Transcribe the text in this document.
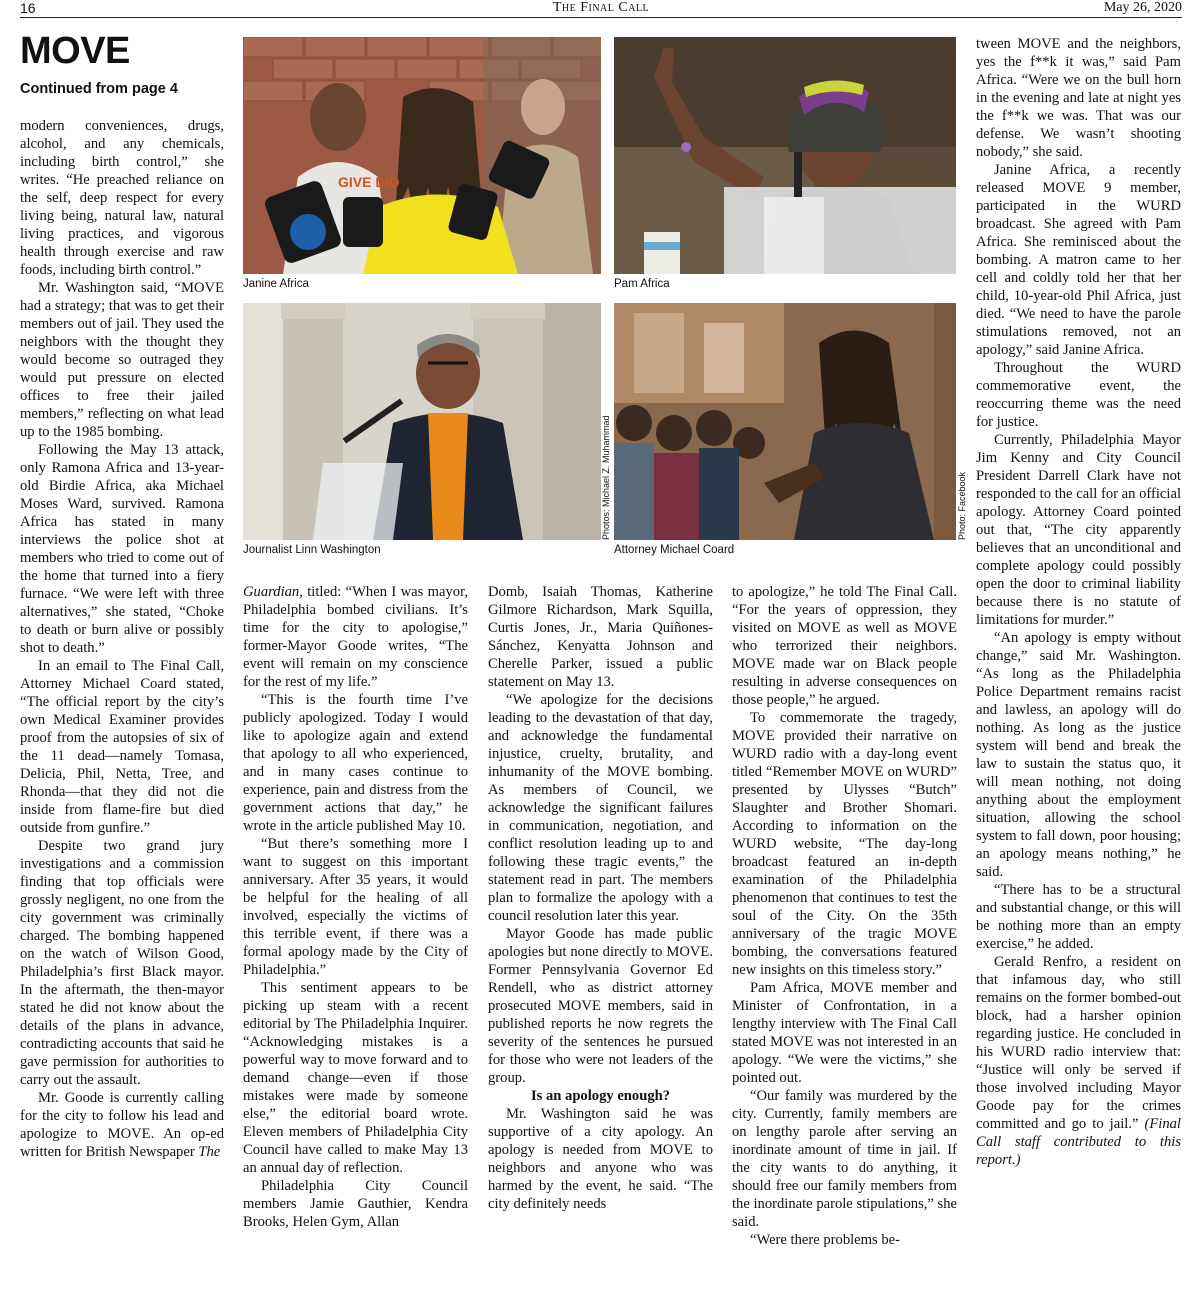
16	The Final Call	May 26, 2020
MOVE
Continued from page 4

modern conveniences, drugs, alcohol, and any chemicals, including birth control,” she writes. “He preached reliance on the self, deep respect for every living being, natural law, natural living practices, and vigorous health through exercise and raw foods, including birth control.”

Mr. Washington said, “MOVE had a strategy; that was to get their members out of jail. They used the neighbors with the thought they would become so outraged they would put pressure on elected offices to free their jailed members,” reflecting on what lead up to the 1985 bombing.

Following the May 13 attack, only Ramona Africa and 13-year-old Birdie Africa, aka Michael Moses Ward, survived. Ramona Africa has stated in many interviews the police shot at members who tried to come out of the home that turned into a fiery furnace. “We were left with three alternatives,” she stated, “Choke to death or burn alive or possibly shot to death.”

In an email to The Final Call, Attorney Michael Coard stated, “The official report by the city’s own Medical Examiner provides proof from the autopsies of six of the 11 dead—namely Tomasa, Delicia, Phil, Netta, Tree, and Rhonda—that they did not die inside from flame-fire but died outside from gunfire.”

Despite two grand jury investigations and a commission finding that top officials were grossly negligent, no one from the city government was criminally charged. The bombing happened on the watch of Wilson Good, Philadelphia’s first Black mayor. In the aftermath, the then-mayor stated he did not know about the details of the plans in advance, contradicting accounts that said he gave permission for authorities to carry out the assault.

Mr. Goode is currently calling for the city to follow his lead and apologize to MOVE. An op-ed written for British Newspaper The

GIVE DID
Janine Africa	Pam Africa
Journalist Linn Washington
Photos: Michael Z. Muhammad
Attorney Michael Coard
Photo: Facebook

Guardian, titled: “When I was mayor, Philadelphia bombed civilians. It’s time for the city to apologise,” former-Mayor Goode writes, “The event will remain on my conscience for the rest of my life.”

“This is the fourth time I’ve publicly apologized. Today I would like to apologize again and extend that apology to all who experienced, and in many cases continue to experience, pain and distress from the government actions that day,” he wrote in the article published May 10.

“But there’s something more I want to suggest on this important anniversary. After 35 years, it would be helpful for the healing of all involved, especially the victims of this terrible event, if there was a formal apology made by the City of Philadelphia.”

This sentiment appears to be picking up steam with a recent editorial by The Philadelphia Inquirer. “Acknowledging mistakes is a powerful way to move forward and to demand change—even if those mistakes were made by someone else,” the editorial board wrote. Eleven members of Philadelphia City Council have called to make May 13 an annual day of reflection.

Philadelphia City Council members Jamie Gauthier, Kendra Brooks, Helen Gym, Allan

Domb, Isaiah Thomas, Katherine Gilmore Richardson, Mark Squilla, Curtis Jones, Jr., Maria Quiñones-Sánchez, Kenyatta Johnson and Cherelle Parker, issued a public statement on May 13.

“We apologize for the decisions leading to the devastation of that day, and acknowledge the fundamental injustice, cruelty, brutality, and inhumanity of the MOVE bombing. As members of Council, we acknowledge the significant failures in communication, negotiation, and conflict resolution leading up to and following these tragic events,” the statement read in part. The members plan to formalize the apology with a council resolution later this year.

Mayor Goode has made public apologies but none directly to MOVE. Former Pennsylvania Governor Ed Rendell, who as district attorney prosecuted MOVE members, said in published reports he now regrets the severity of the sentences he pursued for those who were not leaders of the group.

Is an apology enough?

Mr. Washington said he was supportive of a city apology. An apology is needed from MOVE to neighbors and anyone who was harmed by the event, he said. “The city definitely needs

to apologize,” he told The Final Call. “For the years of oppression, they visited on MOVE as well as MOVE who terrorized their neighbors. MOVE made war on Black people resulting in adverse consequences on those people,” he argued.

To commemorate the tragedy, MOVE provided their narrative on WURD radio with a day-long event titled “Remember MOVE on WURD” presented by Ulysses “Butch” Slaughter and Brother Shomari. According to information on the WURD website, “The day-long broadcast featured an in-depth examination of the Philadelphia phenomenon that continues to test the soul of the City. On the 35th anniversary of the tragic MOVE bombing, the conversations featured new insights on this timeless story.”

Pam Africa, MOVE member and Minister of Confrontation, in a lengthy interview with The Final Call stated MOVE was not interested in an apology. “We were the victims,” she pointed out.

“Our family was murdered by the city. Currently, family members are on lengthy parole after serving an inordinate amount of time in jail. If the city wants to do anything, it should free our family members from the inordinate parole stipulations,” she said.

“Were there problems be-

tween MOVE and the neighbors, yes the f**k it was,” said Pam Africa. “Were we on the bull horn in the evening and late at night yes the f**k we was. That was our defense. We wasn’t shooting nobody,” she said.

Janine Africa, a recently released MOVE 9 member, participated in the WURD broadcast. She agreed with Pam Africa. She reminisced about the bombing. A matron came to her cell and coldly told her that her child, 10-year-old Phil Africa, just died. “We need to have the parole stimulations removed, not an apology,” said Janine Africa.

Throughout the WURD commemorative event, the reoccurring theme was the need for justice.

Currently, Philadelphia Mayor Jim Kenny and City Council President Darrell Clark have not responded to the call for an official apology. Attorney Coard pointed out that, “The city apparently believes that an unconditional and complete apology could possibly open the door to criminal liability because there is no statute of limitations for murder.”

“An apology is empty without change,” said Mr. Washington. “As long as the Philadelphia Police Department remains racist and lawless, an apology will do nothing. As long as the justice system will bend and break the law to sustain the status quo, it will mean nothing, not doing anything about the employment situation, allowing the school system to fall down, poor housing; an apology means nothing,” he said.

“There has to be a structural and substantial change, or this will be nothing more than an empty exercise,” he added.

Gerald Renfro, a resident on that infamous day, who still remains on the former bombed-out block, had a harsher opinion regarding justice. He concluded in his WURD radio interview that: “Justice will only be served if those involved including Mayor Goode pay for the crimes committed and go to jail.” (Final Call staff contributed to this report.)
